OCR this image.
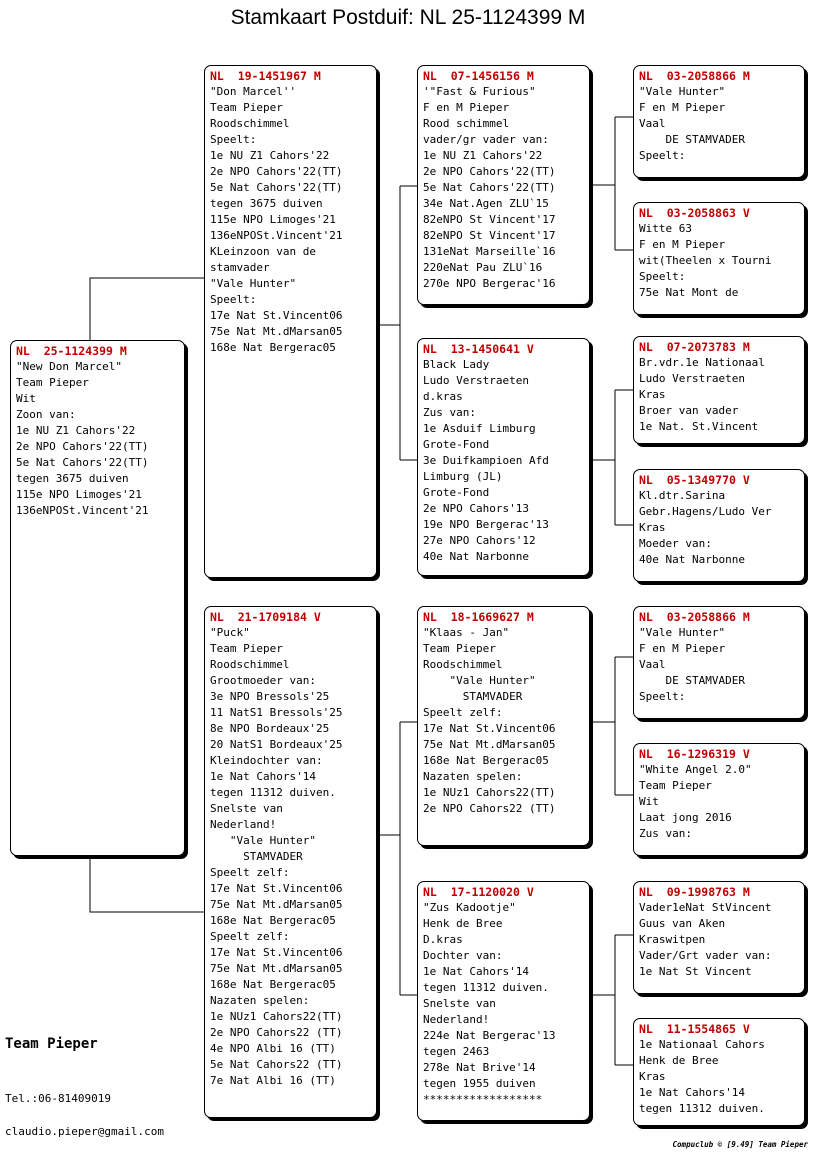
Stamkaart Postduif: NL 25-1124399 M
NL  25-1124399 M
"New Don Marcel"
Team Pieper
Wit
Zoon van:
1e NU Z1 Cahors'22
2e NPO Cahors'22(TT)
5e Nat Cahors'22(TT)
tegen 3675 duiven
115e NPO Limoges'21
136eNPOSt.Vincent'21
NL  19-1451967 M
"Don Marcel''
Team Pieper
Roodschimmel
Speelt:
1e NU Z1 Cahors'22
2e NPO Cahors'22(TT)
5e Nat Cahors'22(TT)
tegen 3675 duiven
115e NPO Limoges'21
136eNPOSt.Vincent'21
KLeinzoon van de
stamvader
"Vale Hunter"
Speelt:
17e Nat St.Vincent06
75e Nat Mt.dMarsan05
168e Nat Bergerac05
NL  21-1709184 V
"Puck"
Team Pieper
Roodschimmel
Grootmoeder van:
3e NPO Bressols'25
11 NatS1 Bressols'25
8e NPO Bordeaux'25
20 NatS1 Bordeaux'25
Kleindochter van:
1e Nat Cahors'14
tegen 11312 duiven.
Snelste van
Nederland!
"Vale Hunter"
STAMVADER
Speelt zelf:
17e Nat St.Vincent06
75e Nat Mt.dMarsan05
168e Nat Bergerac05
Speelt zelf:
17e Nat St.Vincent06
75e Nat Mt.dMarsan05
168e Nat Bergerac05
Nazaten spelen:
1e NUz1 Cahors22(TT)
2e NPO Cahors22 (TT)
4e NPO Albi 16 (TT)
5e Nat Cahors22 (TT)
7e Nat Albi 16 (TT)
NL  07-1456156 M
'"Fast & Furious"
F en M Pieper
Rood schimmel
vader/gr vader van:
1e NU Z1 Cahors'22
2e NPO Cahors'22(TT)
5e Nat Cahors'22(TT)
34e Nat.Agen ZLU`15
82eNPO St Vincent'17
82eNPO St Vincent'17
131eNat Marseille`16
220eNat Pau ZLU`16
270e NPO Bergerac'16
NL  13-1450641 V
Black Lady
Ludo Verstraeten
d.kras
Zus van:
1e Asduif Limburg
Grote-Fond
3e Duifkampioen Afd
Limburg (JL)
Grote-Fond
2e NPO Cahors'13
19e NPO Bergerac'13
27e NPO Cahors'12
40e Nat Narbonne
NL  18-1669627 M
"Klaas - Jan"
Team Pieper
Roodschimmel
"Vale Hunter"
STAMVADER
Speelt zelf:
17e Nat St.Vincent06
75e Nat Mt.dMarsan05
168e Nat Bergerac05
Nazaten spelen:
1e NUz1 Cahors22(TT)
2e NPO Cahors22 (TT)
NL  17-1120020 V
"Zus Kadootje"
Henk de Bree
D.kras
Dochter van:
1e Nat Cahors'14
tegen 11312 duiven.
Snelste van
Nederland!
224e Nat Bergerac'13
tegen 2463
278e Nat Brive'14
tegen 1955 duiven
******************
NL  03-2058866 M
"Vale Hunter"
F en M Pieper
Vaal
DE STAMVADER
Speelt:
NL  03-2058863 V
Witte 63
F en M Pieper
wit(Theelen x Tourni
Speelt:
75e Nat Mont de
NL  07-2073783 M
Br.vdr.1e Nationaal
Ludo Verstraeten
Kras
Broer van vader
1e Nat. St.Vincent
NL  05-1349770 V
Kl.dtr.Sarina
Gebr.Hagens/Ludo Ver
Kras
Moeder van:
40e Nat Narbonne
NL  03-2058866 M
"Vale Hunter"
F en M Pieper
Vaal
DE STAMVADER
Speelt:
NL  16-1296319 V
"White Angel 2.0"
Team Pieper
Wit
Laat jong 2016
Zus van:
NL  09-1998763 M
Vader1eNat StVincent
Guus van Aken
Kraswitpen
Vader/Grt vader van:
1e Nat St Vincent
NL  11-1554865 V
1e Nationaal Cahors
Henk de Bree
Kras
1e Nat Cahors'14
tegen 11312 duiven.
Team Pieper
Tel.:06-81409019
claudio.pieper@gmail.com
Compuclub © [9.49] Team Pieper
